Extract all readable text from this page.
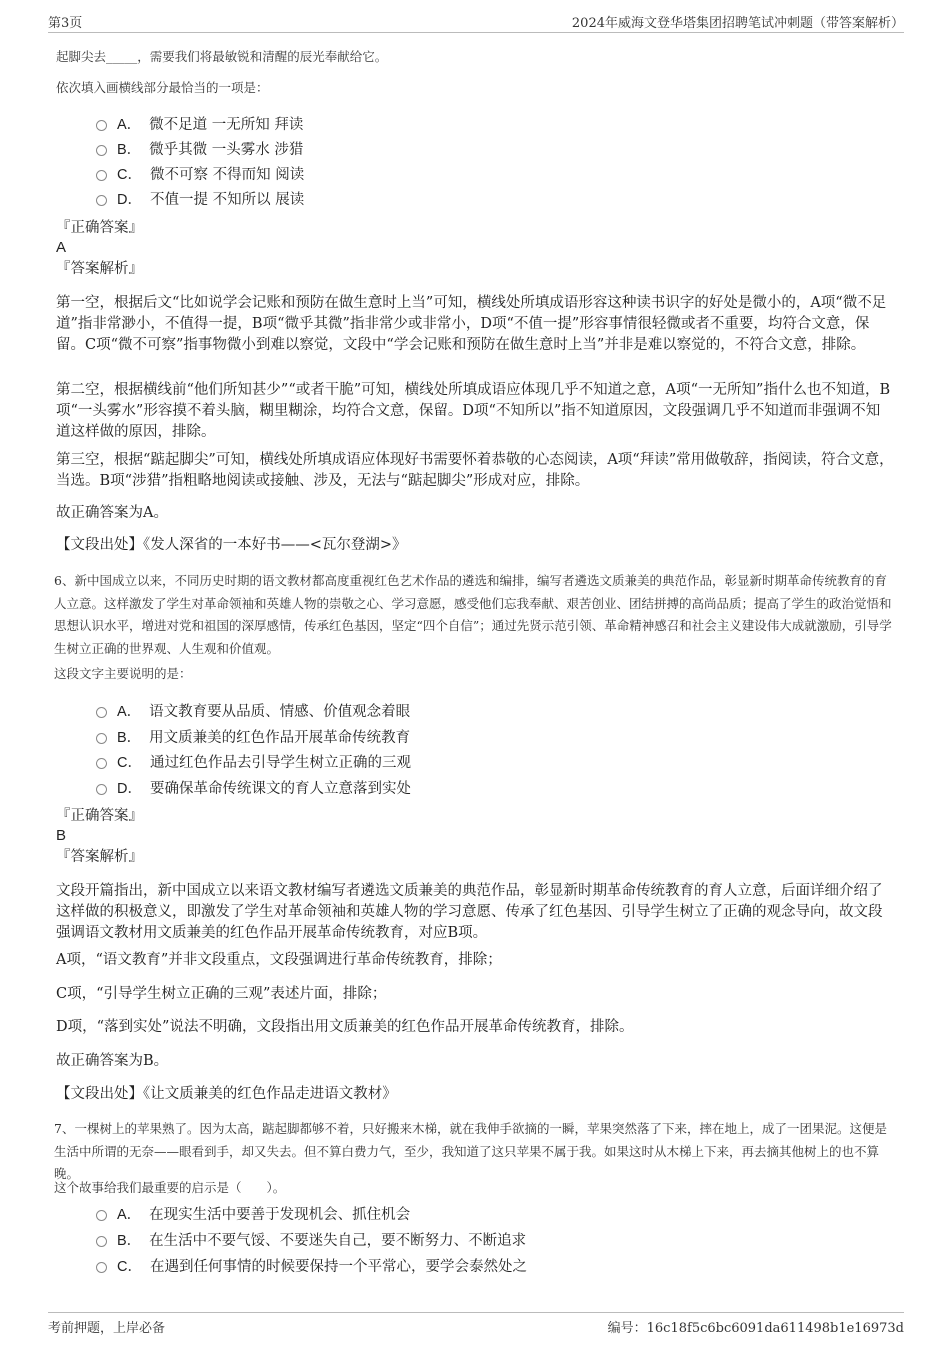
第3页	2024年威海文登华塔集团招聘笔试冲刺题（带答案解析）
起脚尖去_____，需要我们将最敏锐和清醒的辰光奉献给它。
依次填入画横线部分最恰当的一项是：
A． 微不足道 一无所知 拜读
B． 微乎其微 一头雾水 涉猎
C． 微不可察 不得而知 阅读
D． 不值一提 不知所以 展读
『正确答案』
A
『答案解析』
第一空，根据后文“比如说学会记账和预防在做生意时上当”可知，横线处所填成语形容这种读书识字的好处是微小的，A项“微不足道”指非常渺小，不值得一提，B项“微乎其微”指非常少或非常小，D项“不值一提”形容事情很轻微或者不重要，均符合文意，保留。C项“微不可察”指事物微小到难以察觉，文段中“学会记账和预防在做生意时上当”并非是难以察觉的，不符合文意，排除。
第二空，根据横线前“他们所知甚少”“或者干脆”可知，横线处所填成语应体现几乎不知道之意，A项“一无所知”指什么也不知道，B项“一头雾水”形容摸不着头脑，糊里糊涂，均符合文意，保留。D项“不知所以”指不知道原因，文段强调几乎不知道而非强调不知道这样做的原因，排除。
第三空，根据“踮起脚尖”可知，横线处所填成语应体现好书需要怀着恭敬的心态阅读，A项“拜读”常用做敬辞，指阅读，符合文意，当选。B项“涉猎”指粗略地阅读或接触、涉及，无法与“踮起脚尖”形成对应，排除。
故正确答案为A。
【文段出处】《发人深省的一本好书——<瓦尔登湖>》
6、新中国成立以来，不同历史时期的语文教材都高度重视红色艺术作品的遴选和编排，编写者遴选文质兼美的典范作品，彰显新时期革命传统教育的育人立意。这样激发了学生对革命领袖和英雄人物的崇敬之心、学习意愿，感受他们忘我奉献、艰苦创业、团结拼搏的高尚品质；提高了学生的政治觉悟和思想认识水平，增进对党和祖国的深厚感情，传承红色基因，坚定“四个自信”；通过先贤示范引领、革命精神感召和社会主义建设伟大成就激励，引导学生树立正确的世界观、人生观和价值观。
这段文字主要说明的是：
A． 语文教育要从品质、情感、价值观念着眼
B． 用文质兼美的红色作品开展革命传统教育
C． 通过红色作品去引导学生树立正确的三观
D． 要确保革命传统课文的育人立意落到实处
『正确答案』
B
『答案解析』
文段开篇指出，新中国成立以来语文教材编写者遴选文质兼美的典范作品，彰显新时期革命传统教育的育人立意，后面详细介绍了这样做的积极意义，即激发了学生对革命领袖和英雄人物的学习意愿、传承了红色基因、引导学生树立了正确的观念导向，故文段强调语文教材用文质兼美的红色作品开展革命传统教育，对应B项。
A项，“语文教育”并非文段重点，文段强调进行革命传统教育，排除；
C项，“引导学生树立正确的三观”表述片面，排除；
D项，“落到实处”说法不明确，文段指出用文质兼美的红色作品开展革命传统教育，排除。
故正确答案为B。
【文段出处】《让文质兼美的红色作品走进语文教材》
7、一棵树上的苹果熟了。因为太高，踮起脚都够不着，只好搬来木梯，就在我伸手欲摘的一瞬，苹果突然落了下来，摔在地上，成了一团果泥。这便是生活中所谓的无奈——眼看到手，却又失去。但不算白费力气，至少，我知道了这只苹果不属于我。如果这时从木梯上下来，再去摘其他树上的也不算晚。
这个故事给我们最重要的启示是（　　）。
A． 在现实生活中要善于发现机会、抓住机会
B． 在生活中不要气馁、不要迷失自己，要不断努力、不断追求
C． 在遇到任何事情的时候要保持一个平常心，要学会泰然处之
考前押题，上岸必备	编号：16c18f5c6bc6091da611498b1e16973d
